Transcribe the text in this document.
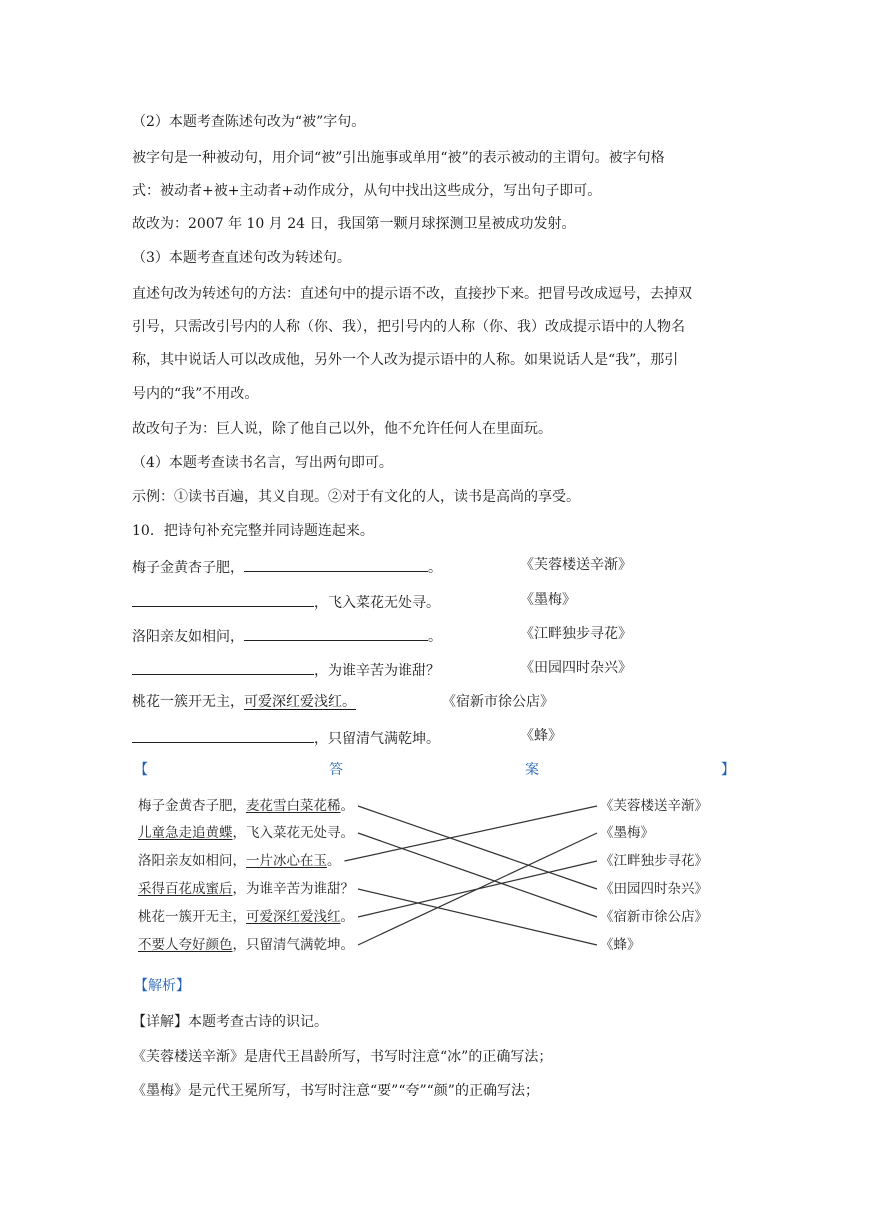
（2）本题考查陈述句改为“被”字句。
被字句是一种被动句，用介词“被”引出施事或单用“被”的表示被动的主谓句。被字句格
式：被动者+被+主动者+动作成分，从句中找出这些成分，写出句子即可。
故改为：2007 年 10 月 24 日，我国第一颗月球探测卫星被成功发射。
（3）本题考查直述句改为转述句。
直述句改为转述句的方法：直述句中的提示语不改，直接抄下来。把冒号改成逗号，去掉双
引号，只需改引号内的人称（你、我），把引号内的人称（你、我）改成提示语中的人物名
称，其中说话人可以改成他，另外一个人改为提示语中的人称。如果说话人是“我”，那引
号内的“我”不用改。
故改句子为：巨人说，除了他自己以外，他不允许任何人在里面玩。
（4）本题考查读书名言，写出两句即可。
示例：①读书百遍，其义自现。②对于有文化的人，读书是高尚的享受。
10．把诗句补充完整并同诗题连起来。
梅子金黄杏子肥，	。	《芙蓉楼送辛渐》
，飞入菜花无处寻。	《墨梅》
洛阳亲友如相问，	。	《江畔独步寻花》
，为谁辛苦为谁甜？	《田园四时杂兴》
桃花一簇开无主，可爱深红爱浅红。	《宿新市徐公店》
，只留清气满乾坤。	《蜂》
【	答	案	】
梅子金黄杏子肥，麦花雪白菜花稀。
儿童急走追黄蝶，飞入菜花无处寻。
洛阳亲友如相问，一片冰心在玉。
采得百花成蜜后，为谁辛苦为谁甜？
桃花一簇开无主，可爱深红爱浅红。
不要人夸好颜色，只留清气满乾坤。
《芙蓉楼送辛渐》
《墨梅》
《江畔独步寻花》
《田园四时杂兴》
《宿新市徐公店》
《蜂》
【解析】
【详解】本题考查古诗的识记。
《芙蓉楼送辛渐》是唐代王昌龄所写，书写时注意“冰”的正确写法；
《墨梅》是元代王冕所写，书写时注意“要”“夸”“颜”的正确写法；
